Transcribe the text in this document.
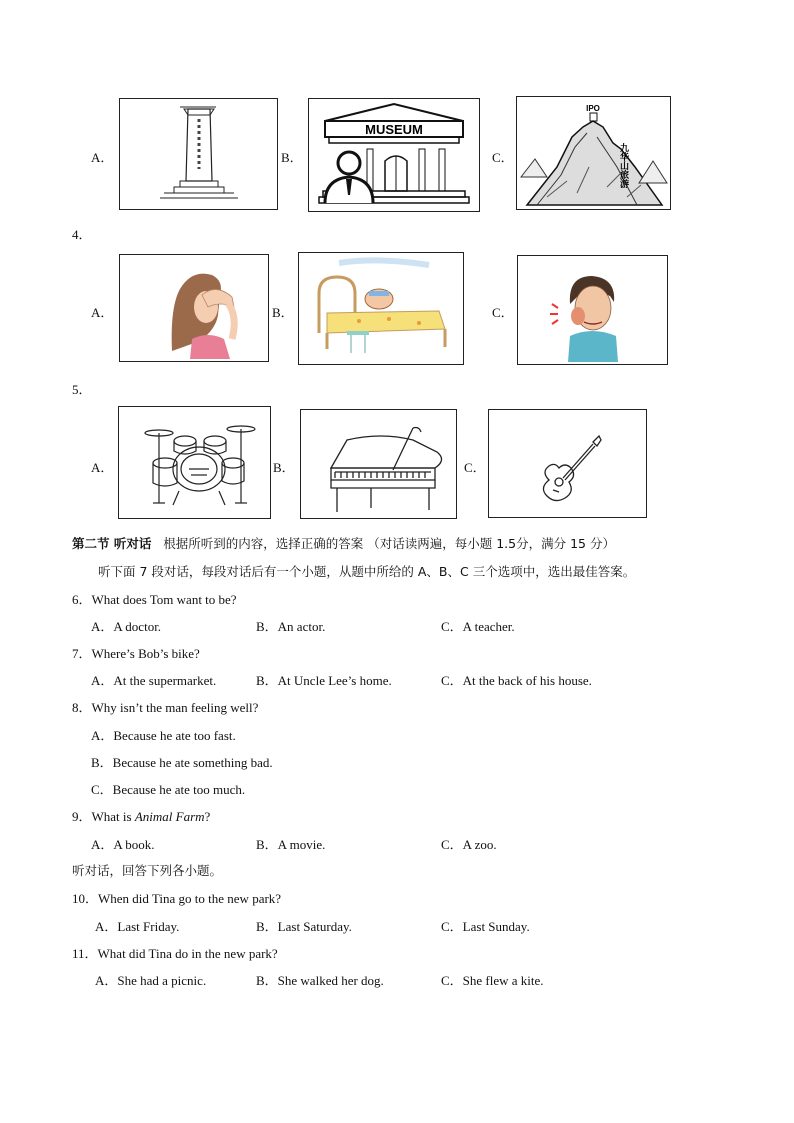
A．	B．
MUSEUM
C．
IPO
九华山旅游
4．
A．	B．	C．
5．
A．	B．	C．
第二节 听对话 根据所听到的内容，选择正确的答案 （对话读两遍，每小题 1.5分，满分 15 分）
听下面 7 段对话，每段对话后有一个小题，从题中所给的 A、B、C 三个选项中，选出最佳答案。
6．What does Tom want to be?
A．A doctor.	B．An actor.	C．A teacher.
7．Where’s Bob’s bike?
A．At the supermarket.	B．At Uncle Lee’s home.	C．At the back of his house.
8．Why isn’t the man feeling well?
A．Because he ate too fast.
B．Because he ate something bad.
C．Because he ate too much.
9．What is Animal Farm?
A．A book.	B．A movie.	C．A zoo.
听对话，回答下列各小题。
10．When did Tina go to the new park?
A．Last Friday.	B．Last Saturday.	C．Last Sunday.
11．What did Tina do in the new park?
A．She had a picnic.	B．She walked her dog.	C．She flew a kite.
